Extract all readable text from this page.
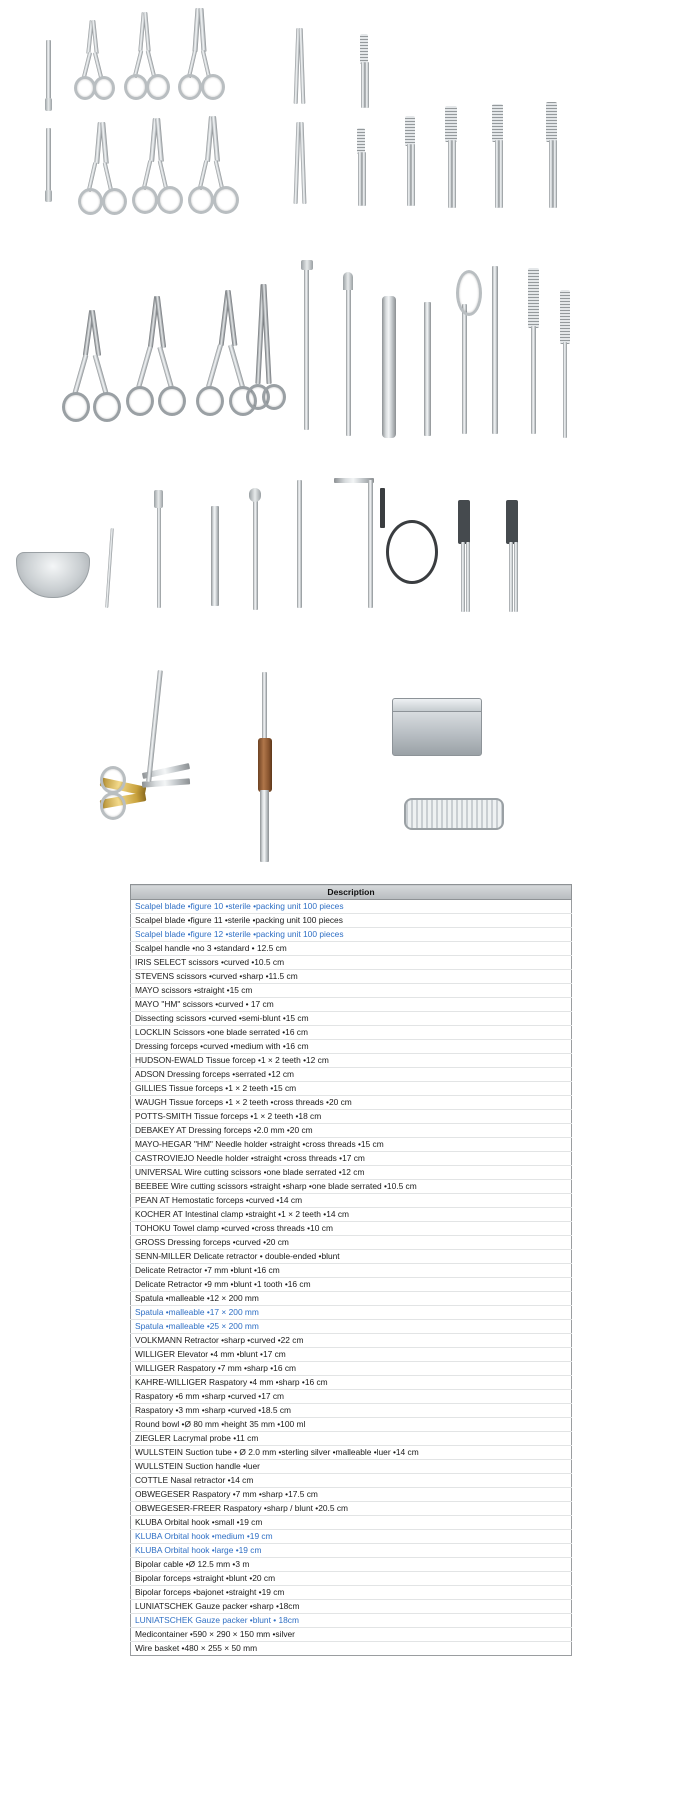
Description
Scalpel blade •figure 10 •sterile •packing unit 100 pieces
Scalpel blade •figure 11 •sterile •packing unit 100 pieces
Scalpel blade •figure 12 •sterile •packing unit 100 pieces
Scalpel handle •no 3 •standard • 12.5 cm
IRIS SELECT scissors •curved •10.5 cm
STEVENS scissors •curved •sharp •11.5 cm
MAYO scissors •straight •15 cm
MAYO "HM" scissors •curved • 17 cm
Dissecting scissors •curved •semi-blunt •15 cm
LOCKLIN Scissors •one blade serrated •16 cm
Dressing forceps •curved •medium with •16 cm
HUDSON-EWALD Tissue forcep •1 × 2 teeth •12 cm
ADSON Dressing forceps •serrated •12 cm
GILLIES Tissue forceps •1 × 2 teeth •15 cm
WAUGH Tissue forceps •1 × 2 teeth •cross threads •20 cm
POTTS-SMITH Tissue forceps •1 × 2 teeth •18 cm
DEBAKEY AT Dressing forceps •2.0 mm •20 cm
MAYO-HEGAR "HM" Needle holder •straight •cross threads •15 cm
CASTROVIEJO Needle holder •straight •cross threads •17 cm
UNIVERSAL Wire cutting scissors •one blade serrated •12 cm
BEEBEE Wire cutting scissors •straight •sharp •one blade serrated •10.5 cm
PEAN AT Hemostatic forceps •curved •14 cm
KOCHER AT Intestinal clamp •straight •1 × 2 teeth •14 cm
TOHOKU Towel clamp •curved •cross threads •10 cm
GROSS Dressing forceps •curved •20 cm
SENN-MILLER Delicate retractor • double-ended •blunt
Delicate Retractor •7 mm •blunt •16 cm
Delicate Retractor •9 mm •blunt •1 tooth •16 cm
Spatula •malleable •12 × 200 mm
Spatula •malleable •17 × 200 mm
Spatula •malleable •25 × 200 mm
VOLKMANN Retractor •sharp •curved •22 cm
WILLIGER Elevator •4 mm •blunt •17 cm
WILLIGER Raspatory •7 mm •sharp •16 cm
KAHRE-WILLIGER Raspatory •4 mm •sharp •16 cm
Raspatory •6 mm •sharp •curved •17 cm
Raspatory •3 mm •sharp •curved •18.5 cm
Round bowl •Ø 80 mm •height 35 mm •100 ml
ZIEGLER Lacrymal probe •11 cm
WULLSTEIN Suction tube • Ø 2.0 mm •sterling silver •malleable •luer •14 cm
WULLSTEIN Suction handle •luer
COTTLE Nasal retractor •14 cm
OBWEGESER Raspatory •7 mm •sharp •17.5 cm
OBWEGESER-FREER Raspatory •sharp / blunt •20.5 cm
KLUBA Orbital hook •small •19 cm
KLUBA Orbital hook •medium •19 cm
KLUBA Orbital hook •large •19 cm
Bipolar cable •Ø 12.5 mm •3 m
Bipolar forceps •straight •blunt •20 cm
Bipolar forceps •bajonet •straight •19 cm
LUNIATSCHEK Gauze packer •sharp •18cm
LUNIATSCHEK Gauze packer •blunt • 18cm
Medicontainer •590 × 290 × 150 mm •silver
Wire basket •480 × 255 × 50 mm
